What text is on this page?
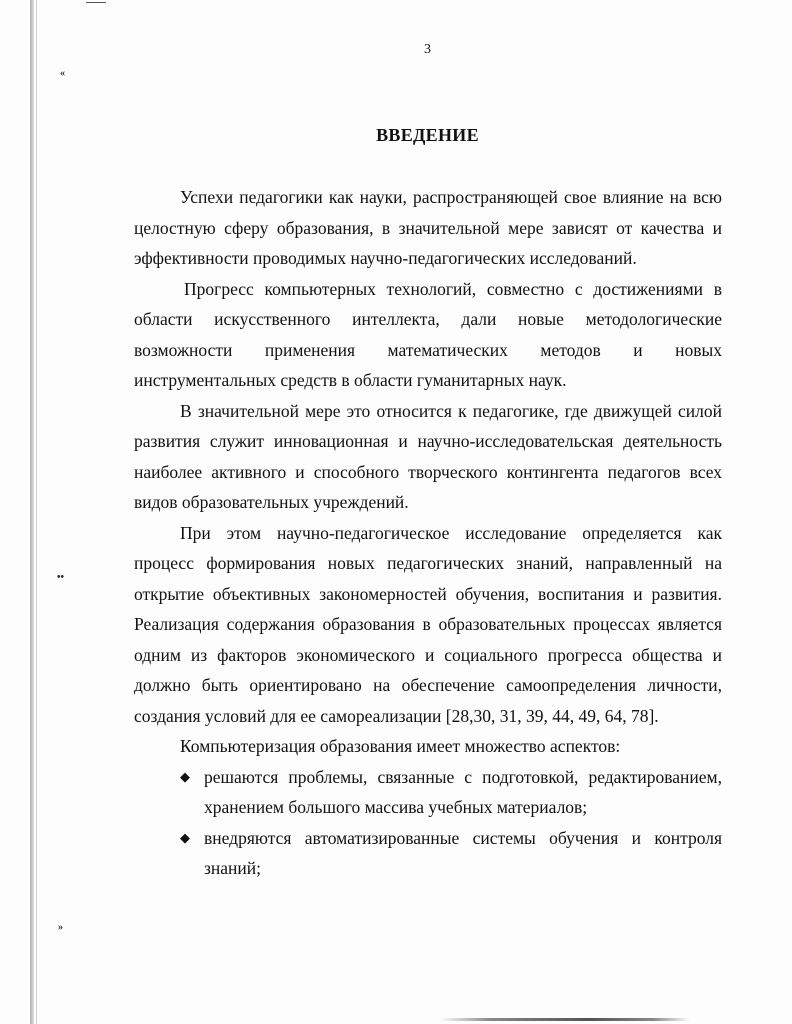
«
••
»
3
ВВЕДЕНИЕ

Успехи педагогики как науки, распространяющей свое влияние на всю целостную сферу образования, в значительной мере зависят от качества и эффективности проводимых научно-педагогических исследований.

Прогресс компьютерных технологий, совместно с достижениями в области искусственного интеллекта, дали новые методологические возможности применения математических методов и новых инструментальных средств в области гуманитарных наук.

В значительной мере это относится к педагогике, где движущей силой развития служит инновационная и научно-исследовательская деятельность наиболее активного и способного творческого контингента педагогов всех видов образовательных учреждений.

При этом научно-педагогическое исследование определяется как процесс формирования новых педагогических знаний, направленный на открытие объективных закономерностей обучения, воспитания и развития. Реализация содержания образования в образовательных процессах является одним из факторов экономического и социального прогресса общества и должно быть ориентировано на обеспечение самоопределения личности, создания условий для ее самореализации [28,30, 31, 39, 44, 49, 64, 78].

Компьютеризация образования имеет множество аспектов:

◆ решаются проблемы, связанные с подготовкой, редактированием, хранением большого массива учебных материалов;
◆ внедряются автоматизированные системы обучения и контроля знаний;
